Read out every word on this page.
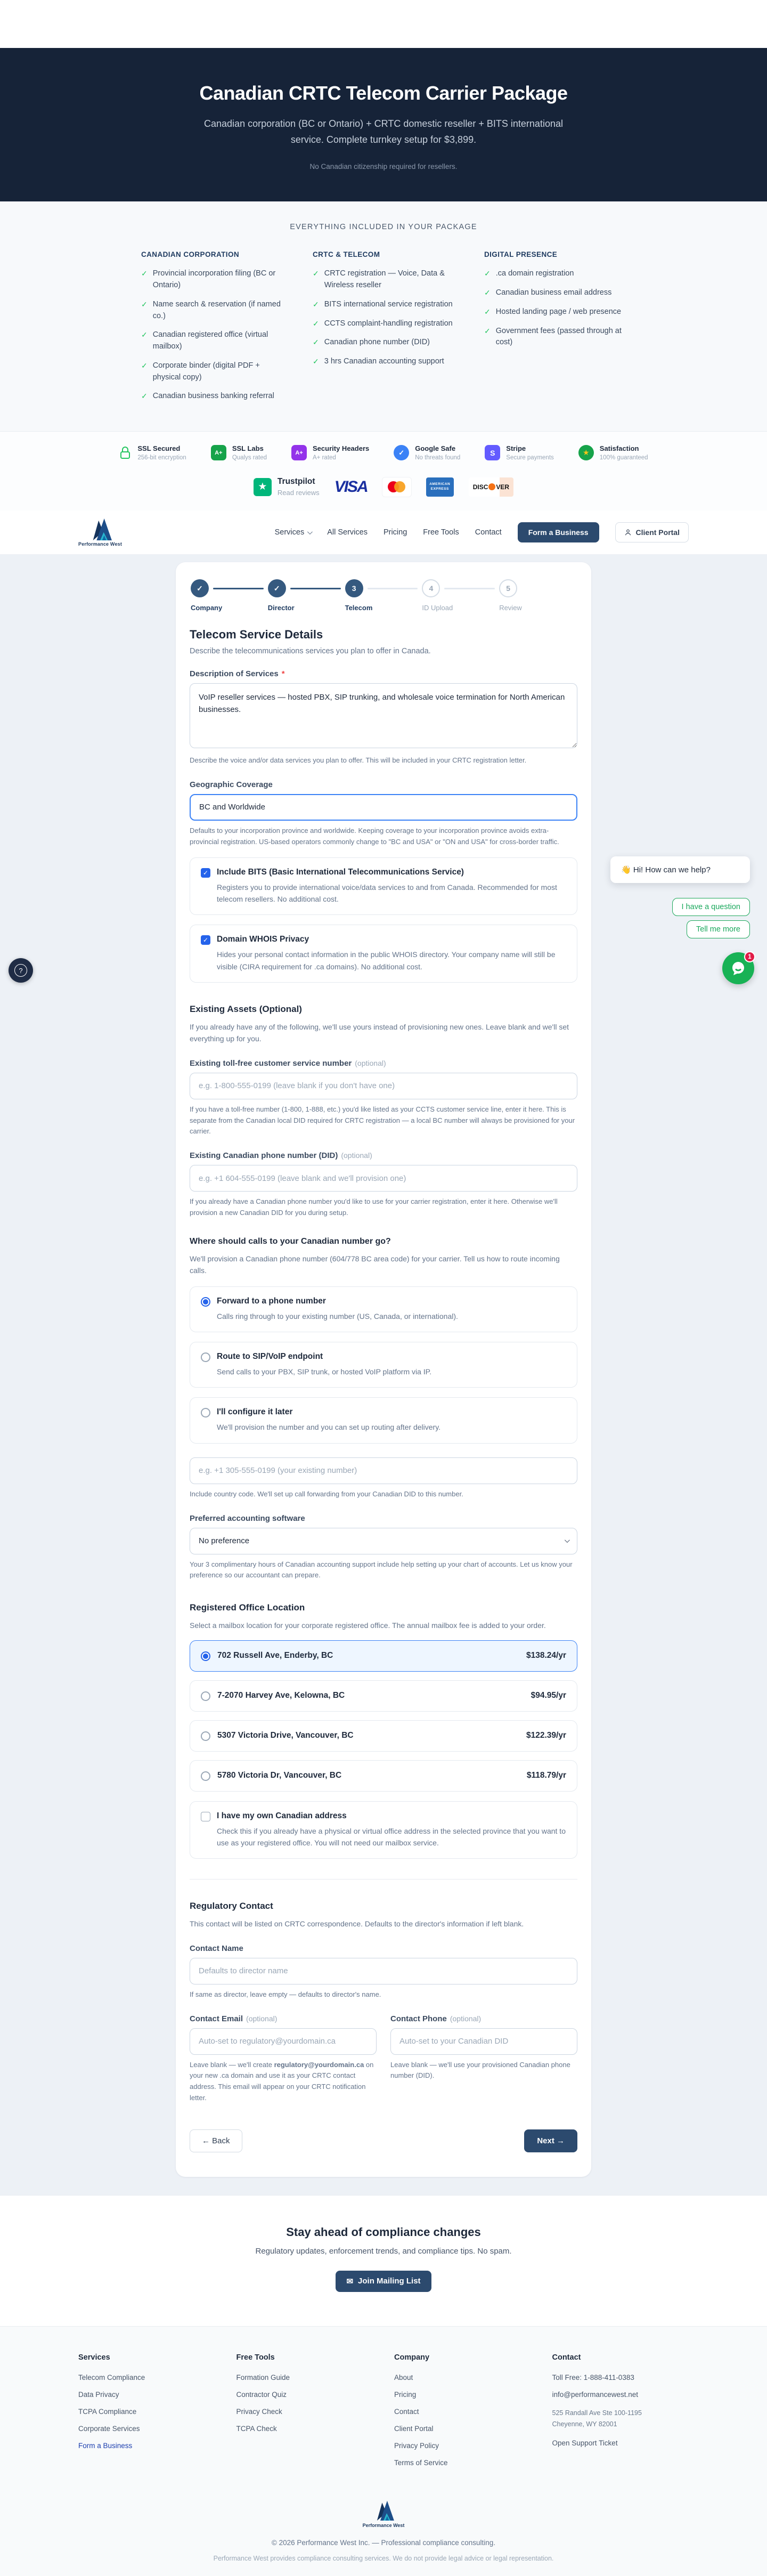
Canadian CRTC Telecom Carrier Package
Canadian corporation (BC or Ontario) + CRTC domestic reseller + BITS international service. Complete turnkey setup for $3,899.
No Canadian citizenship required for resellers.
EVERYTHING INCLUDED IN YOUR PACKAGE
CANADIAN CORPORATION
✓ Provincial incorporation filing (BC or Ontario)
✓ Name search & reservation (if named co.)
✓ Canadian registered office (virtual mailbox)
✓ Corporate binder (digital PDF + physical copy)
✓ Canadian business banking referral
CRTC & TELECOM
✓ CRTC registration — Voice, Data & Wireless reseller
✓ BITS international service registration
✓ CCTS complaint-handling registration
✓ Canadian phone number (DID)
✓ 3 hrs Canadian accounting support
DIGITAL PRESENCE
✓ .ca domain registration
✓ Canadian business email address
✓ Hosted landing page / web presence
✓ Government fees (passed through at cost)
SSL Secured
256-bit encryption
A+
SSL Labs
Qualys rated
A+
Security Headers
A+ rated
✓	Google Safe
No threats found
S	Stripe
Secure payments
★	Satisfaction
100% guaranteed
★	Trustpilot
Read reviews VISA	AMERICAN
EXPRESS	DISC VER
Performance West
Services	All Services Pricing Free Tools Contact	Form a Business	Client Portal
✓
Company
✓
Director
3
Telecom
4
ID Upload
5
Review
Telecom Service Details
Describe the telecommunications services you plan to offer in Canada.
Description of Services *
VoIP reseller services — hosted PBX, SIP trunking, and wholesale voice termination for North American businesses.
Describe the voice and/or data services you plan to offer. This will be included in your CRTC registration letter.
Geographic Coverage
BC and Worldwide
Defaults to your incorporation province and worldwide. Keeping coverage to your incorporation province avoids extra-provincial registration. US-based operators commonly change to "BC and USA" or "ON and USA" for cross-border traffic.
✓ Include BITS (Basic International Telecommunications Service)
Registers you to provide international voice/data services to and from Canada. Recommended for most telecom resellers. No additional cost.
✓ Domain WHOIS Privacy
Hides your personal contact information in the public WHOIS directory. Your company name will still be visible (CIRA requirement for .ca domains). No additional cost.
Existing Assets (Optional)
If you already have any of the following, we'll use yours instead of provisioning new ones. Leave blank and we'll set everything up for you.
Existing toll-free customer service number (optional)
e.g. 1-800-555-0199 (leave blank if you don't have one)
If you have a toll-free number (1-800, 1-888, etc.) you'd like listed as your CCTS customer service line, enter it here. This is separate from the Canadian local DID required for CRTC registration — a local BC number will always be provisioned for your carrier.
Existing Canadian phone number (DID) (optional)
e.g. +1 604-555-0199 (leave blank and we'll provision one)
If you already have a Canadian phone number you'd like to use for your carrier registration, enter it here. Otherwise we'll provision a new Canadian DID for you during setup.
Where should calls to your Canadian number go?
We'll provision a Canadian phone number (604/778 BC area code) for your carrier. Tell us how to route incoming calls.
Forward to a phone number
Calls ring through to your existing number (US, Canada, or international).
Route to SIP/VoIP endpoint
Send calls to your PBX, SIP trunk, or hosted VoIP platform via IP.
I'll configure it later
We'll provision the number and you can set up routing after delivery.
e.g. +1 305-555-0199 (your existing number)
Include country code. We'll set up call forwarding from your Canadian DID to this number.
Preferred accounting software
No preference
Your 3 complimentary hours of Canadian accounting support include help setting up your chart of accounts. Let us know your preference so our accountant can prepare.
Registered Office Location
Select a mailbox location for your corporate registered office. The annual mailbox fee is added to your order.
702 Russell Ave, Enderby, BC	$138.24/yr
7-2070 Harvey Ave, Kelowna, BC	$94.95/yr
5307 Victoria Drive, Vancouver, BC	$122.39/yr
5780 Victoria Dr, Vancouver, BC	$118.79/yr
I have my own Canadian address
Check this if you already have a physical or virtual office address in the selected province that you want to use as your registered office. You will not need our mailbox service.
Regulatory Contact
This contact will be listed on CRTC correspondence. Defaults to the director's information if left blank.
Contact Name
Defaults to director name
If same as director, leave empty — defaults to director's name.
Contact Email (optional)
Auto-set to regulatory@yourdomain.ca
Leave blank — we'll create regulatory@yourdomain.ca on your new .ca domain and use it as your CRTC contact address. This email will appear on your CRTC notification letter.
Contact Phone (optional)
Auto-set to your Canadian DID
Leave blank — we'll use your provisioned Canadian phone number (DID).
← Back	Next →
?
👋 Hi! How can we help?
I have a question
Tell me more
1
Stay ahead of compliance changes

Regulatory updates, enforcement trends, and compliance tips. No spam.

✉ Join Mailing List
Services
Telecom Compliance
Data Privacy
TCPA Compliance
Corporate Services
Form a Business
Free Tools
Formation Guide
Contractor Quiz
Privacy Check
TCPA Check
Company
About
Pricing
Contact
Client Portal
Privacy Policy
Terms of Service
Contact
Toll Free: 1-888-411-0383
info@performancewest.net
525 Randall Ave Ste 100-1195
Cheyenne, WY 82001
Open Support Ticket
Performance West
© 2026 Performance West Inc. — Professional compliance consulting.
Performance West provides compliance consulting services. We do not provide legal advice or legal representation.
